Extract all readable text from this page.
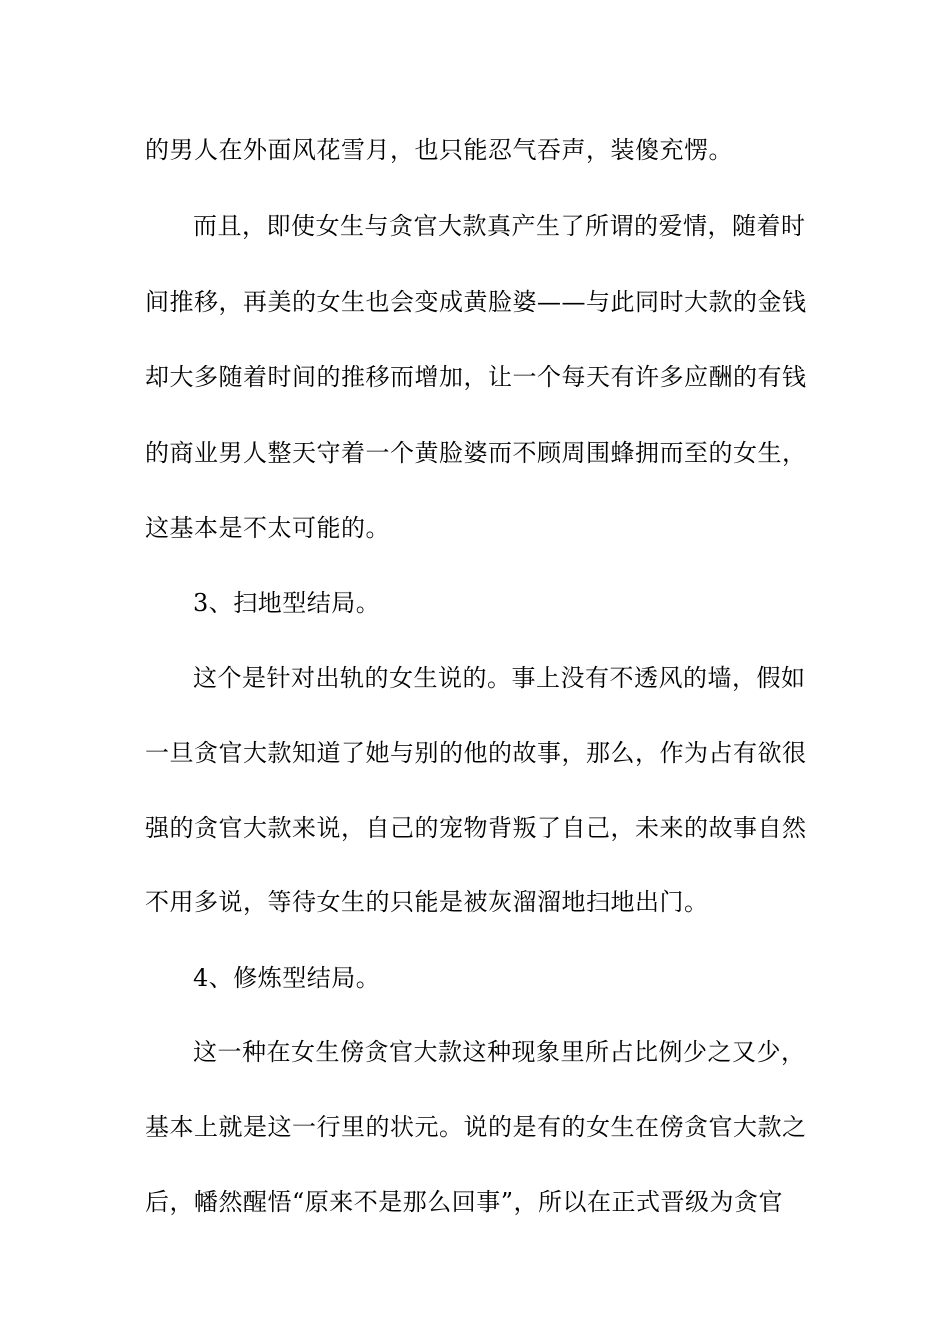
的男人在外面风花雪月，也只能忍气吞声，装傻充愣。
而且，即使女生与贪官大款真产生了所谓的爱情，随着时
间推移，再美的女生也会变成黄脸婆——与此同时大款的金钱
却大多随着时间的推移而增加，让一个每天有许多应酬的有钱
的商业男人整天守着一个黄脸婆而不顾周围蜂拥而至的女生，
这基本是不太可能的。
3、扫地型结局。
这个是针对出轨的女生说的。事上没有不透风的墙，假如
一旦贪官大款知道了她与别的他的故事，那么，作为占有欲很
强的贪官大款来说，自己的宠物背叛了自己，未来的故事自然
不用多说，等待女生的只能是被灰溜溜地扫地出门。
4、修炼型结局。
这一种在女生傍贪官大款这种现象里所占比例少之又少，
基本上就是这一行里的状元。说的是有的女生在傍贪官大款之
后，幡然醒悟“原来不是那么回事”，所以在正式晋级为贪官
